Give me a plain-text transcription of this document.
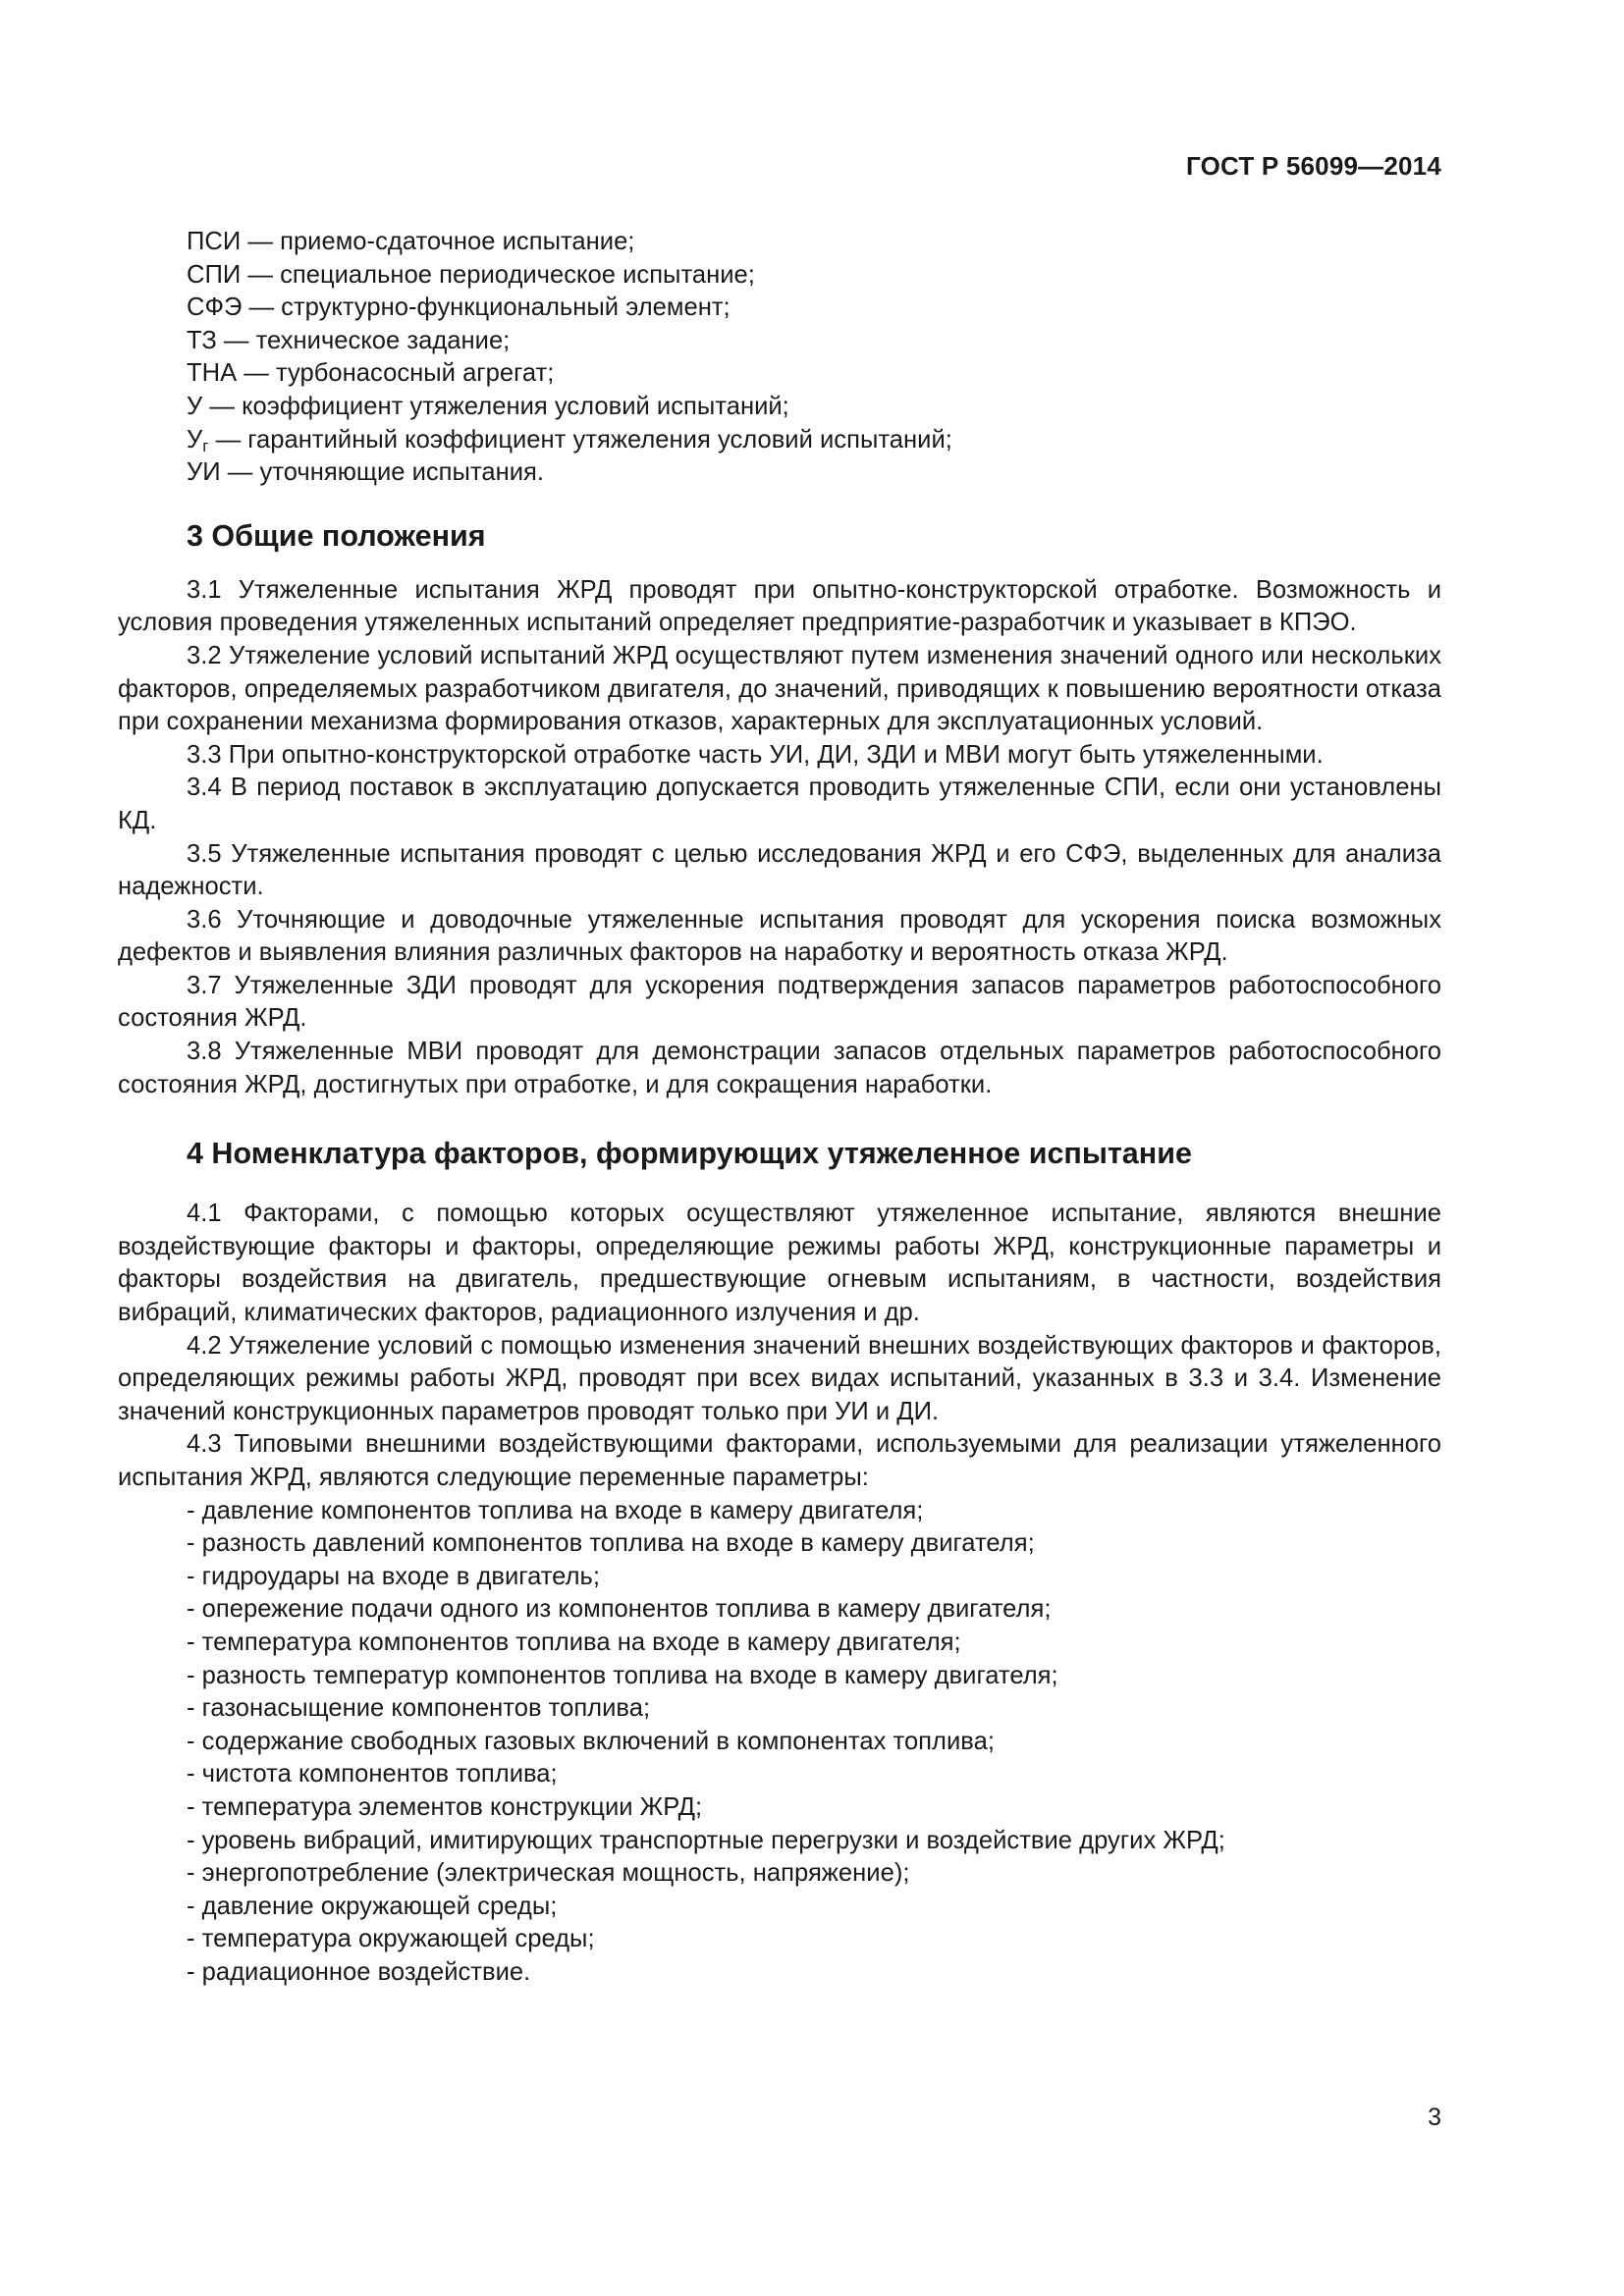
ГОСТ Р 56099—2014
ПСИ — приемо-сдаточное испытание;
СПИ — специальное периодическое испытание;
СФЭ — структурно-функциональный элемент;
ТЗ — техническое задание;
ТНА — турбонасосный агрегат;
У — коэффициент утяжеления условий испытаний;
$У_г$ — гарантийный коэффициент утяжеления условий испытаний;
УИ — уточняющие испытания.
3 Общие положения

3.1 Утяжеленные испытания ЖРД проводят при опытно-конструкторской отработке. Возможность и условия проведения утяжеленных испытаний определяет предприятие-разработчик и указывает в КПЭО.

3.2 Утяжеление условий испытаний ЖРД осуществляют путем изменения значений одного или нескольких факторов, определяемых разработчиком двигателя, до значений, приводящих к повышению вероятности отказа при сохранении механизма формирования отказов, характерных для эксплуатационных условий.

3.3 При опытно-конструкторской отработке часть УИ, ДИ, ЗДИ и МВИ могут быть утяжеленными.

3.4 В период поставок в эксплуатацию допускается проводить утяжеленные СПИ, если они установлены КД.

3.5 Утяжеленные испытания проводят с целью исследования ЖРД и его СФЭ, выделенных для анализа надежности.

3.6 Уточняющие и доводочные утяжеленные испытания проводят для ускорения поиска возможных дефектов и выявления влияния различных факторов на наработку и вероятность отказа ЖРД.

3.7 Утяжеленные ЗДИ проводят для ускорения подтверждения запасов параметров работоспособного состояния ЖРД.

3.8 Утяжеленные МВИ проводят для демонстрации запасов отдельных параметров работоспособного состояния ЖРД, достигнутых при отработке, и для сокращения наработки.

4 Номенклатура факторов, формирующих утяжеленное испытание

4.1 Факторами, с помощью которых осуществляют утяжеленное испытание, являются внешние воздействующие факторы и факторы, определяющие режимы работы ЖРД, конструкционные параметры и факторы воздействия на двигатель, предшествующие огневым испытаниям, в частности, воздействия вибраций, климатических факторов, радиационного излучения и др.

4.2 Утяжеление условий с помощью изменения значений внешних воздействующих факторов и факторов, определяющих режимы работы ЖРД, проводят при всех видах испытаний, указанных в 3.3 и 3.4. Изменение значений конструкционных параметров проводят только при УИ и ДИ.

4.3 Типовыми внешними воздействующими факторами, используемыми для реализации утяжеленного испытания ЖРД, являются следующие переменные параметры:

- давление компонентов топлива на входе в камеру двигателя;
- разность давлений компонентов топлива на входе в камеру двигателя;
- гидроудары на входе в двигатель;
- опережение подачи одного из компонентов топлива в камеру двигателя;
- температура компонентов топлива на входе в камеру двигателя;
- разность температур компонентов топлива на входе в камеру двигателя;
- газонасыщение компонентов топлива;
- содержание свободных газовых включений в компонентах топлива;
- чистота компонентов топлива;
- температура элементов конструкции ЖРД;
- уровень вибраций, имитирующих транспортные перегрузки и воздействие других ЖРД;
- энергопотребление (электрическая мощность, напряжение);
- давление окружающей среды;
- температура окружающей среды;
- радиационное воздействие.
3
